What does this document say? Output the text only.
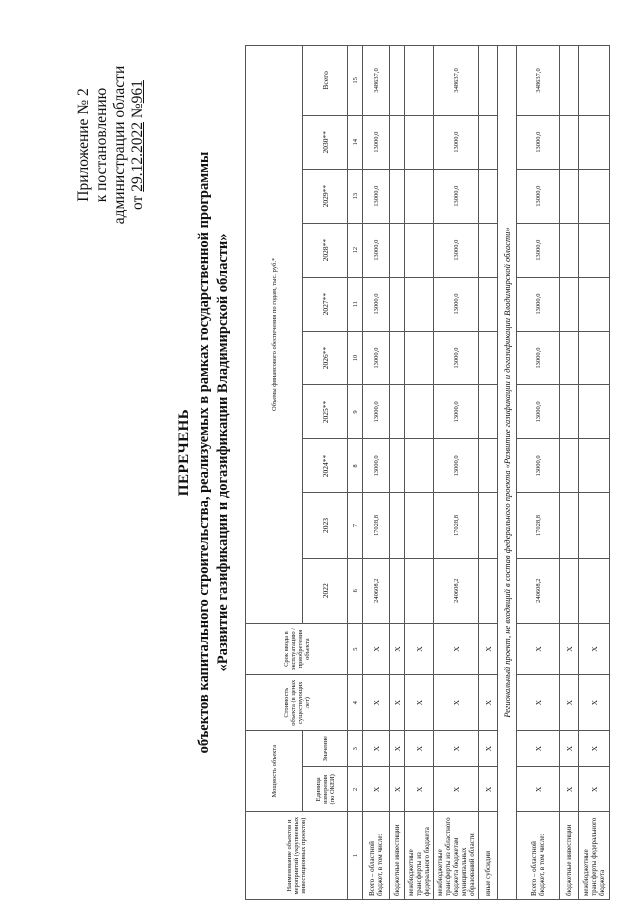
Приложение № 2 к постановлению администрации области от 29.12.2022 №961
ПЕРЕЧЕНЬ объектов капитального строительства, реализуемых в рамках государственной программы «Развитие газификации и догазификации Владимирской области»
Наименование объектов и мероприятий (укрупненных инвестиционных проектов)	Мощность объекта		Стоимость объекта (в ценах существующих лет)	Срок ввода в эксплуатацию / приобретения объекта	Объемы финансового обеспечения по годам, тыс. руб.*									
	Единица измерения (по ОКЕИ)	Значение			2022	2023	2024**	2025**	2026**	2027**	2028**	2029**	2030**	Всего
1	2	3	4	5	6	7	8	9	10	11	12	13	14	15
Всего – областной бюджет, в том числе:	Х	Х	Х	Х	240608,2	17028,8	13000,0	13000,0	13000,0	13000,0	13000,0	13000,0	13000,0	348637,0
бюджетные инвестиции	Х	Х	Х	Х										
межбюджетные трансферты из федерального бюджета	Х	Х	Х	Х										
межбюджетные трансферты из областного бюджета бюджетам муниципальных образований области	Х	Х	Х	Х	240608,2	17028,8	13000,0	13000,0	13000,0	13000,0	13000,0	13000,0	13000,0	348637,0
иные субсидии	Х	Х	Х	Х										
Региональный проект, не входящий в состав федерального проекта «Развитие газификации и догазификации Владимирской области»														
Всего – областной бюджет, в том числе:	Х	Х	Х	Х	240608,2	17028,8	13000,0	13000,0	13000,0	13000,0	13000,0	13000,0	13000,0	348637,0
бюджетные инвестиции	Х	Х	Х	Х										
межбюджетные трансферты федерального бюджета	Х	Х	Х	Х										
